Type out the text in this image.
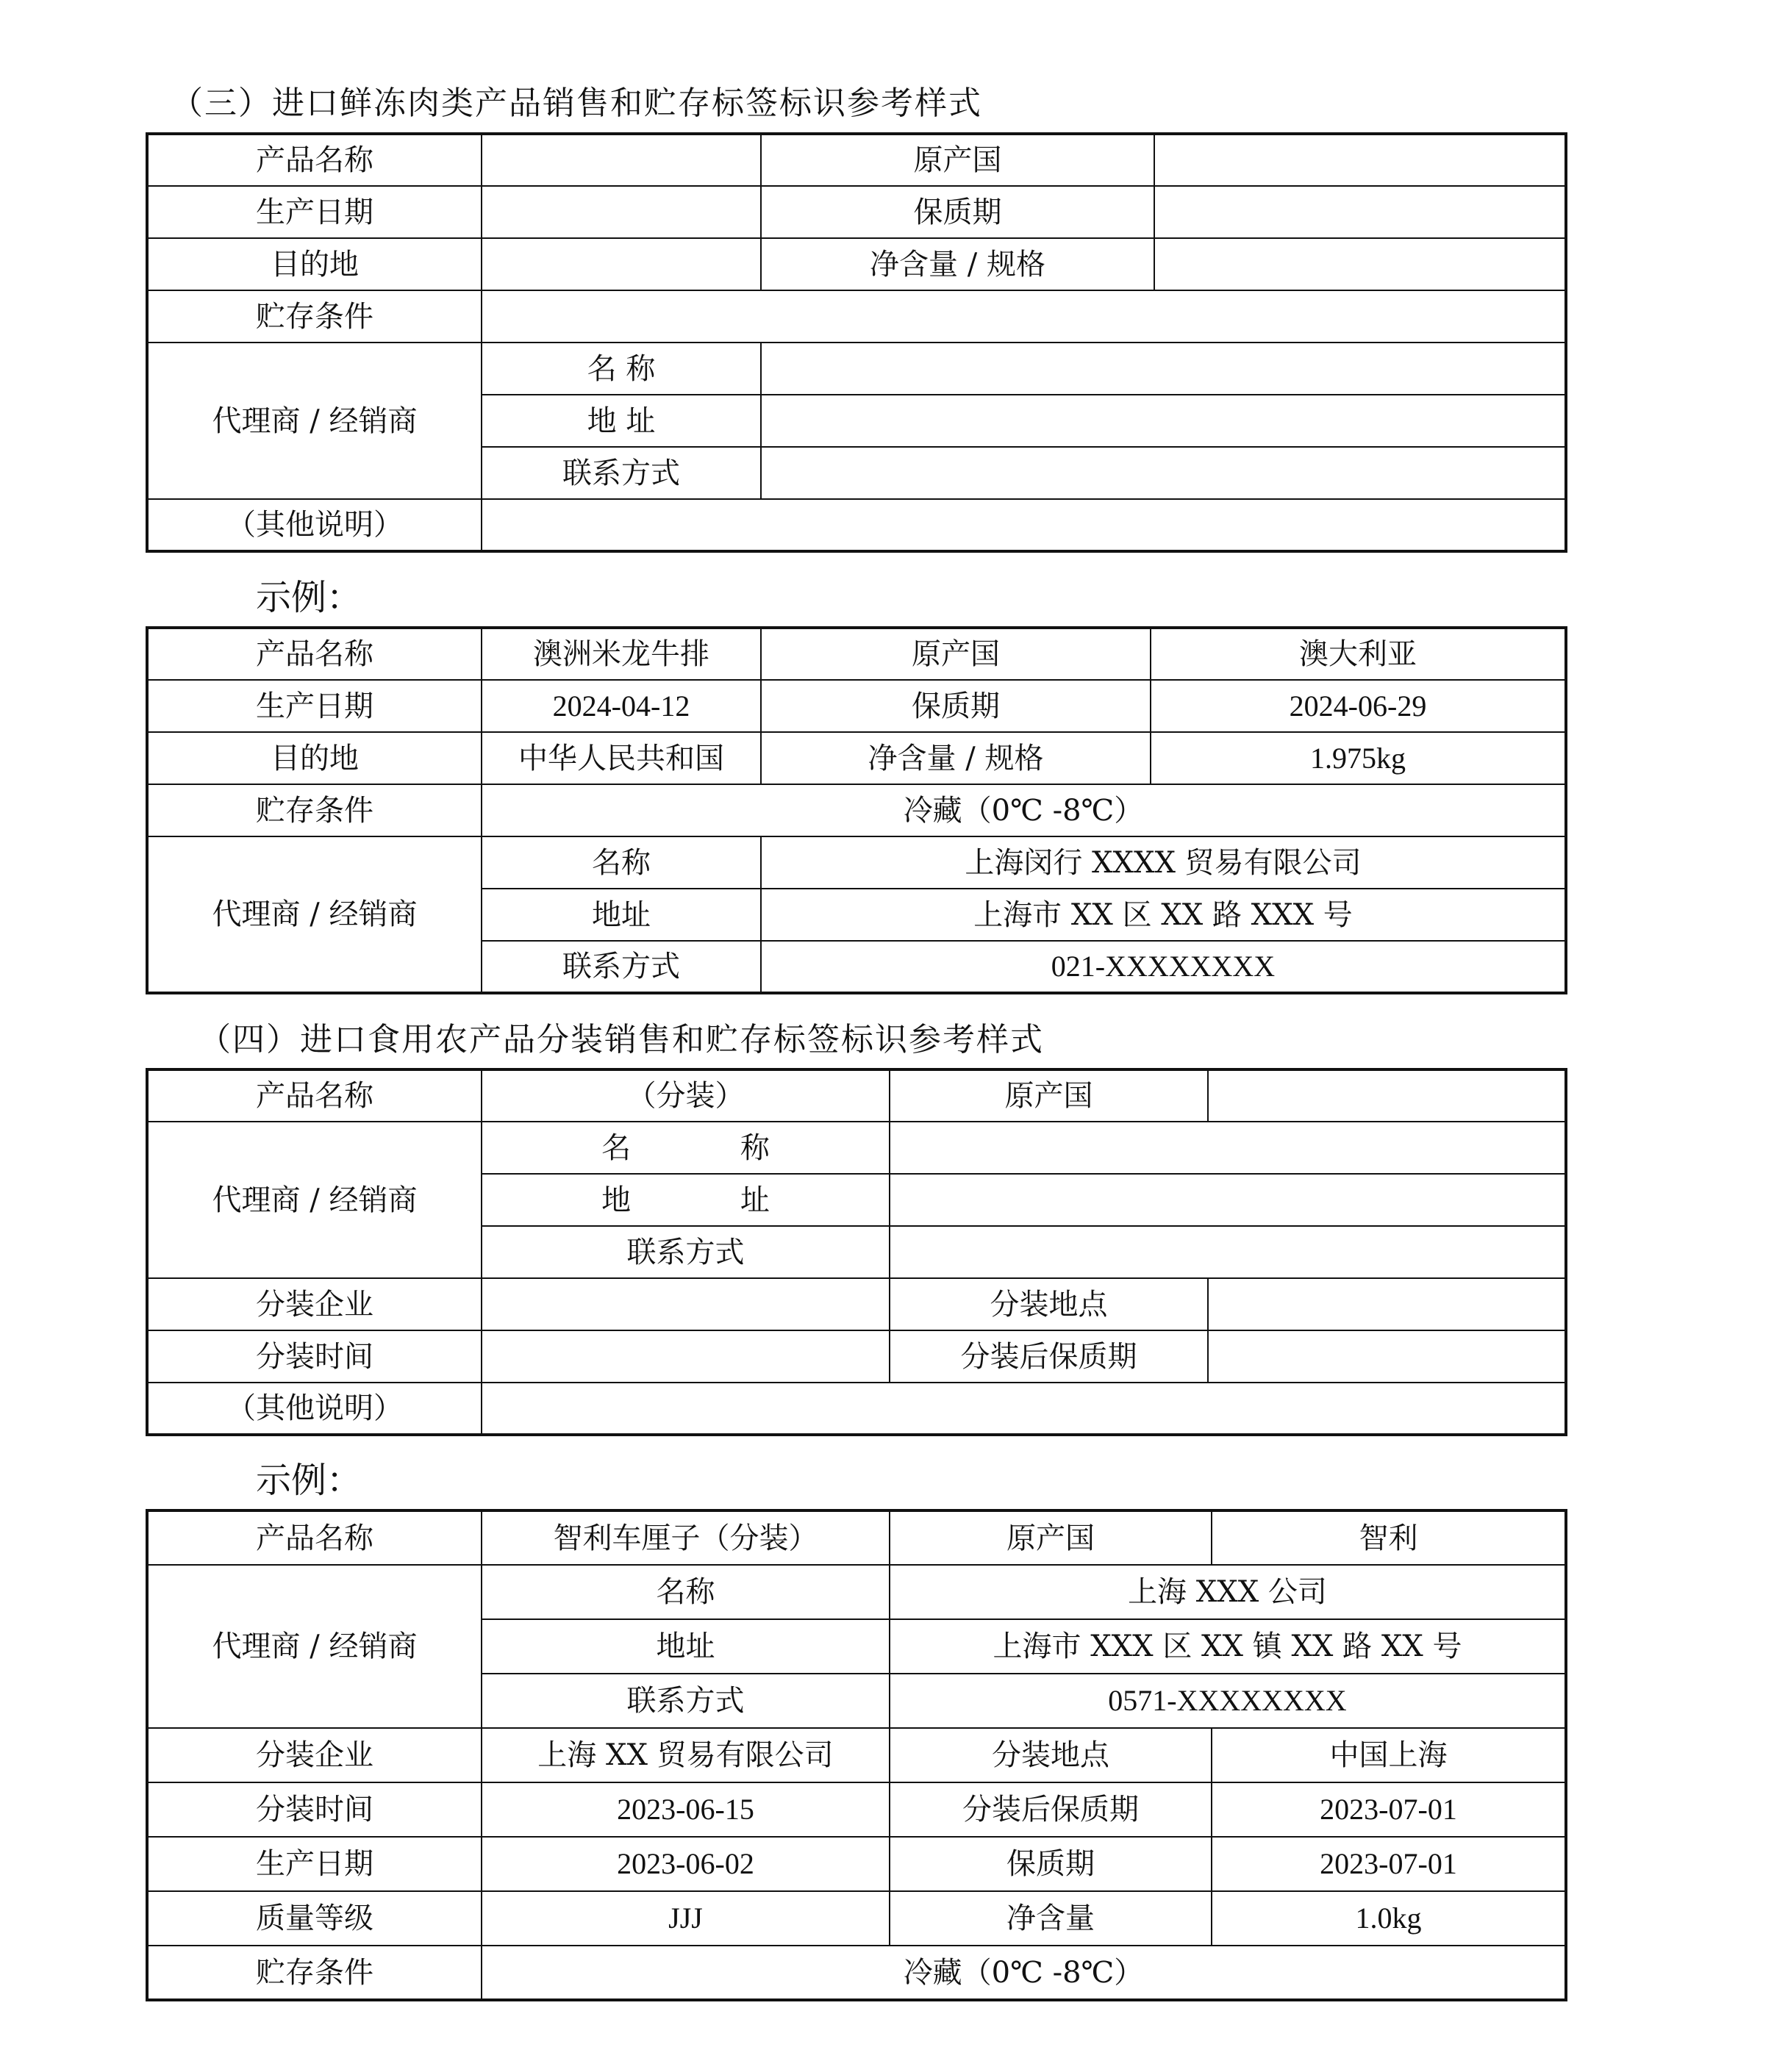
（三）进口鲜冻肉类产品销售和贮存标签标识参考样式
产品名称		原产国	
生产日期		保质期	
目的地		净含量 / 规格	
贮存条件			
代理商 / 经销商	名 称		
	地 址		
	联系方式		
（其他说明）			
示例：
产品名称	澳洲米龙牛排	原产国	澳大利亚
生产日期	2024-04-12	保质期	2024-06-29
目的地	中华人民共和国	净含量 / 规格	1.975kg
贮存条件	冷藏（0℃ -8℃）		
代理商 / 经销商	名称	上海闵行 XXXX 贸易有限公司	
	地址	上海市 XX 区 XX 路 XXX 号	
	联系方式	021-XXXXXXXX	
（四）进口食用农产品分装销售和贮存标签标识参考样式
产品名称	（分装）	原产国	
代理商 / 经销商	名 称		
	地 址		
	联系方式		
分装企业		分装地点	
分装时间		分装后保质期	
（其他说明）			
示例：
产品名称	智利车厘子（分装）	原产国	智利
代理商 / 经销商	名称	上海 XXX 公司	
	地址	上海市 XXX 区 XX 镇 XX 路 XX 号	
	联系方式	0571-XXXXXXXX	
分装企业	上海 XX 贸易有限公司	分装地点	中国上海
分装时间	2023-06-15	分装后保质期	2023-07-01
生产日期	2023-06-02	保质期	2023-07-01
质量等级	JJJ	净含量	1.0kg
贮存条件	冷藏（0℃ -8℃）		
